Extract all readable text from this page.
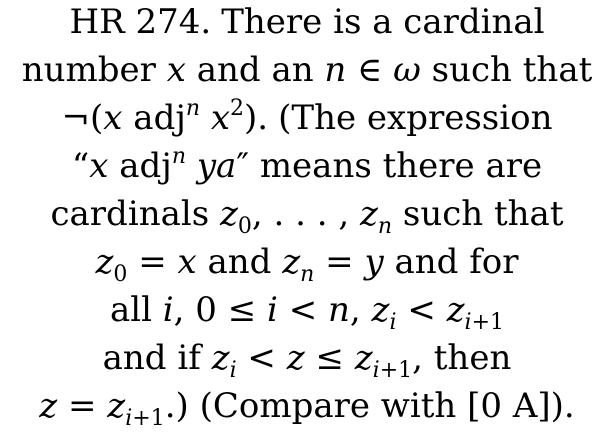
HR 274. There is a cardinal
number x and an n ∈ ω such that
¬(x adj$^n$ $x^2$). (The expression
“x adj$^n$ ya″ means there are
cardinals $z_0$, . . . , $z_n$ such that
$z_0 = x$ and $z_n = y$ and for
all i, 0 ≤ i < n, $z_i < z_{i+1}$
and if $z_i < z \le z_{i+1}$, then
$z = z_{i+1}$.) (Compare with [0 A]).
